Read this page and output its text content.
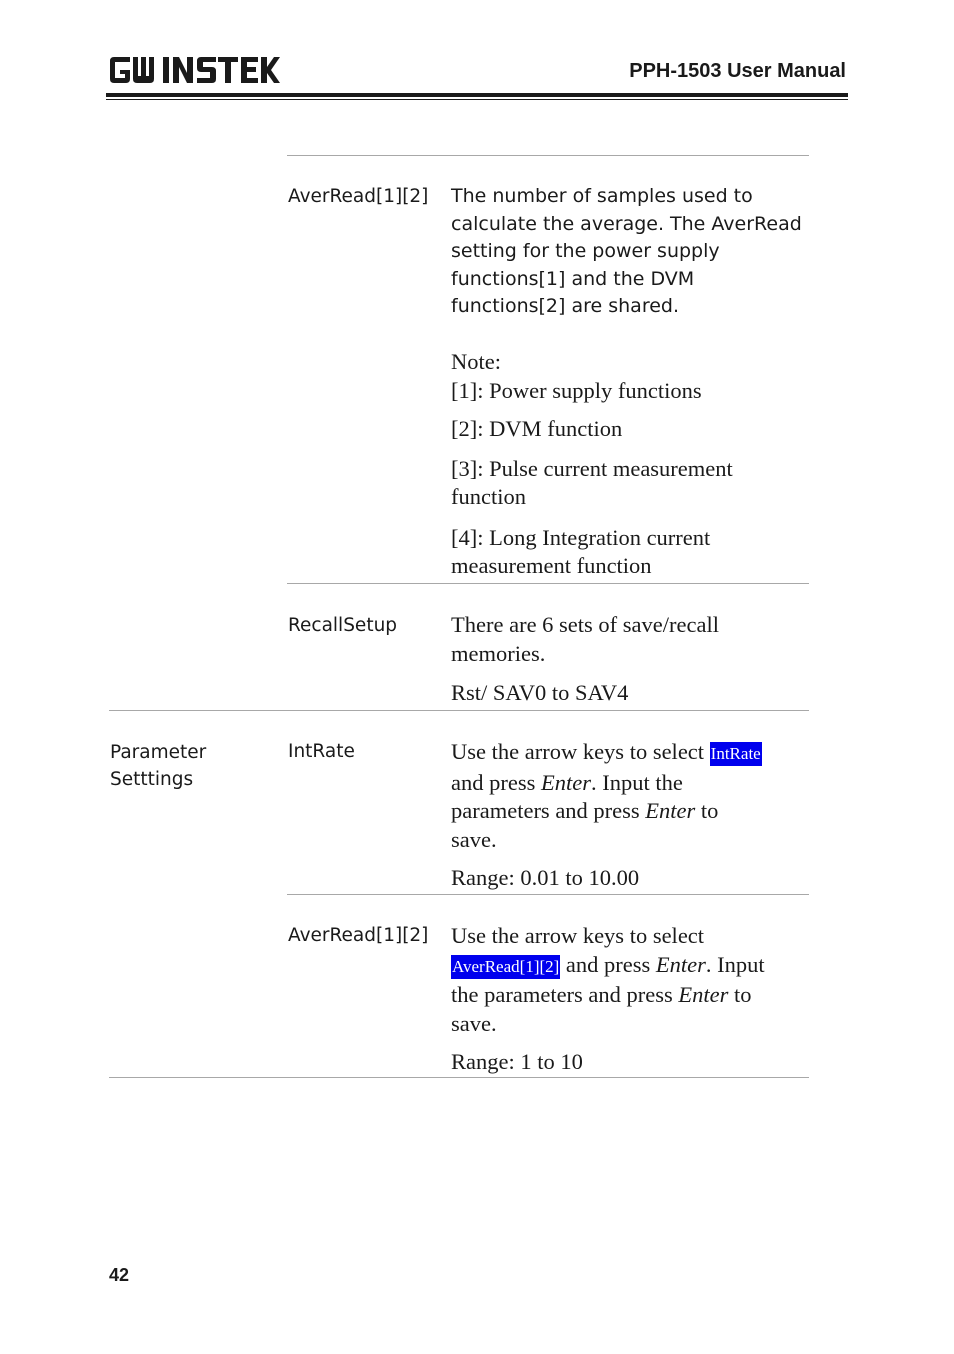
PPH-1503 User Manual
AverRead[1][2] The number of samples used to
calculate the average. The AverRead
setting for the power supply
functions[1] and the DVM
functions[2] are shared.
Note:
[1]: Power supply functions
[2]: DVM function
[3]: Pulse current measurement
function
[4]: Long Integration current
measurement function
RecallSetup There are 6 sets of save/recall
memories.
Rst/ SAV0 to SAV4
Parameter
Setttings
IntRate	Use the arrow keys to select IntRate
and press Enter. Input the
parameters and press Enter to
save.
Range: 0.01 to 10.00
AverRead[1][2] Use the arrow keys to select
AverRead[1][2] and press Enter. Input
the parameters and press Enter to
save.
Range: 1 to 10
42
